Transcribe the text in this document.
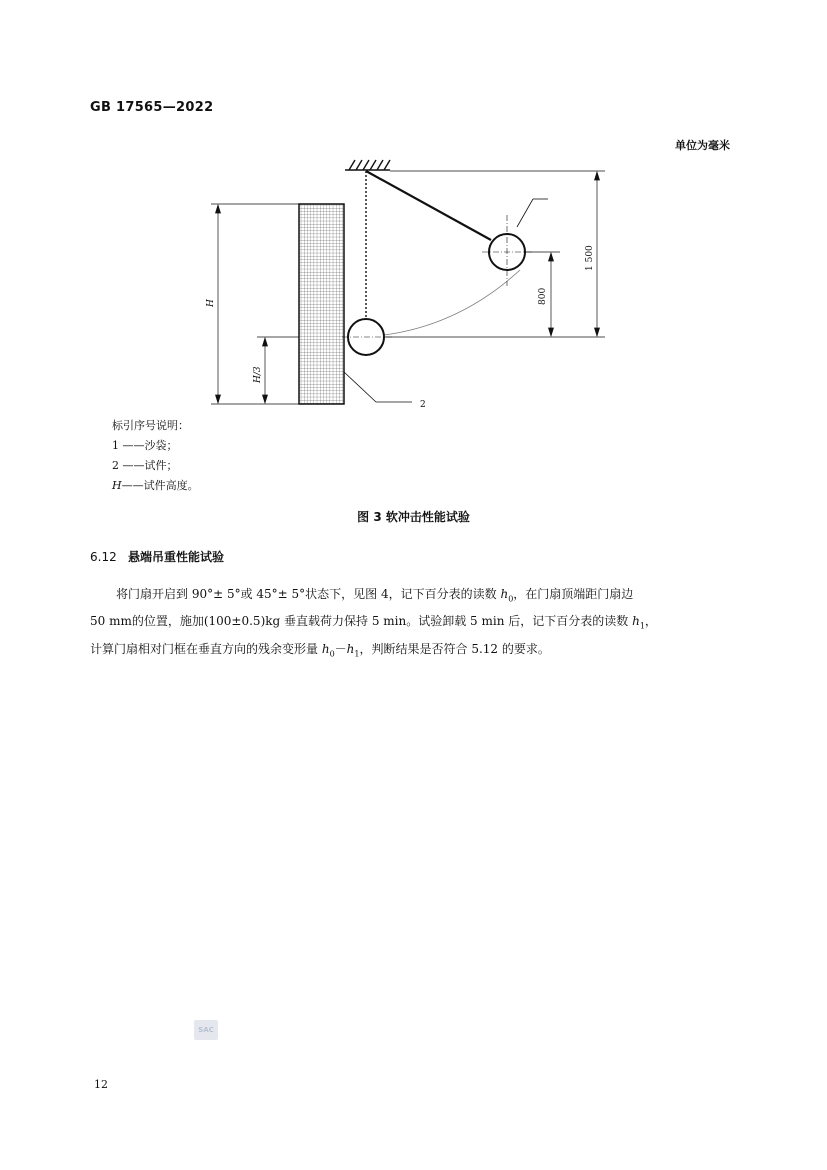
GB 17565—2022
单位为毫米
H
H/3
800
1 500
2
标引序号说明：
1 ——沙袋；
2 ——试件；
H——试件高度。
图 3 软冲击性能试验
6.12 悬端吊重性能试验
将门扇开启到 90°± 5°或 45°± 5°状态下，见图 4，记下百分表的读数 $h_0$，在门扇顶端距门扇边
50 mm的位置，施加(100±0.5)kg 垂直载荷力保持 5 min。试验卸载 5 min 后，记下百分表的读数 $h_1$，
计算门扇相对门框在垂直方向的残余变形量 $h_0-h_1$，判断结果是否符合 5.12 的要求。
SAC
12
